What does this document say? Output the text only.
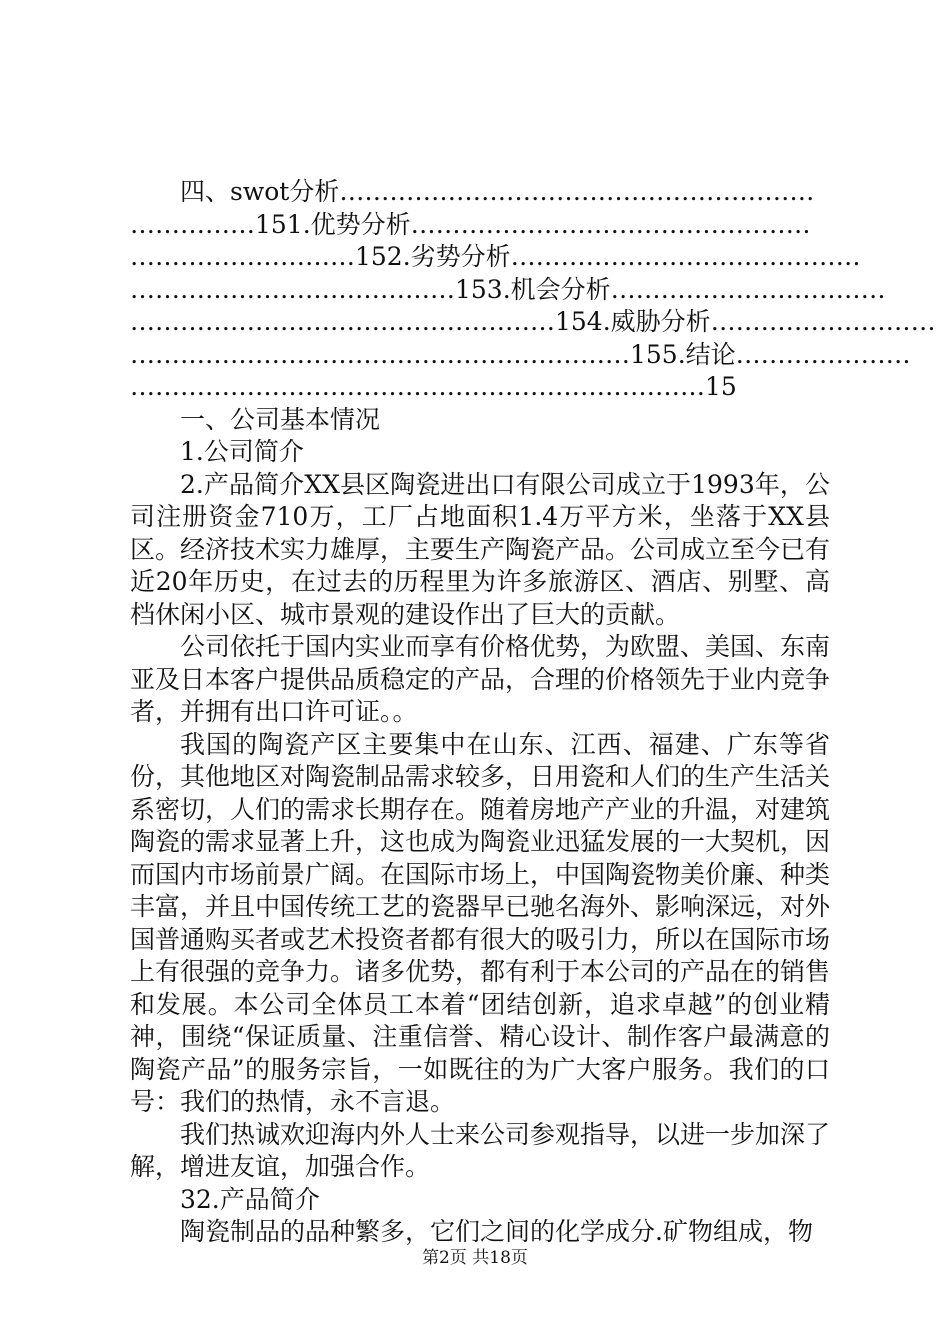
　　四、swot分析…………………………………………………
……………151.优势分析…………………………………………
………………………152.劣势分析……………………………………
…………………………………153.机会分析……………………………
……………………………………………154.威胁分析………………………
……………………………………………………155.结论…………………
……………………………………………………………15

一、公司基本情况

1.公司简介

2.产品简介XX县区陶瓷进出口有限公司成立于1993年，公司注册资金710万，工厂占地面积1.4万平方米，坐落于XX县区。经济技术实力雄厚，主要生产陶瓷产品。公司成立至今已有近20年历史，在过去的历程里为许多旅游区、酒店、别墅、高档休闲小区、城市景观的建设作出了巨大的贡献。

公司依托于国内实业而享有价格优势，为欧盟、美国、东南亚及日本客户提供品质稳定的产品，合理的价格领先于业内竞争者，并拥有出口许可证。。

我国的陶瓷产区主要集中在山东、江西、福建、广东等省份，其他地区对陶瓷制品需求较多，日用瓷和人们的生产生活关系密切，人们的需求长期存在。随着房地产产业的升温，对建筑陶瓷的需求显著上升，这也成为陶瓷业迅猛发展的一大契机，因而国内市场前景广阔。在国际市场上，中国陶瓷物美价廉、种类丰富，并且中国传统工艺的瓷器早已驰名海外、影响深远，对外国普通购买者或艺术投资者都有很大的吸引力，所以在国际市场上有很强的竞争力。诸多优势，都有利于本公司的产品在的销售和发展。本公司全体员工本着“团结创新，追求卓越”的创业精神，围绕“保证质量、注重信誉、精心设计、制作客户最满意的陶瓷产品”的服务宗旨，一如既往的为广大客户服务。我们的口号：我们的热情，永不言退。

我们热诚欢迎海内外人士来公司参观指导，以进一步加深了解，增进友谊，加强合作。

32.产品简介

陶瓷制品的品种繁多，它们之间的化学成分.矿物组成，物

第2页 共18页
